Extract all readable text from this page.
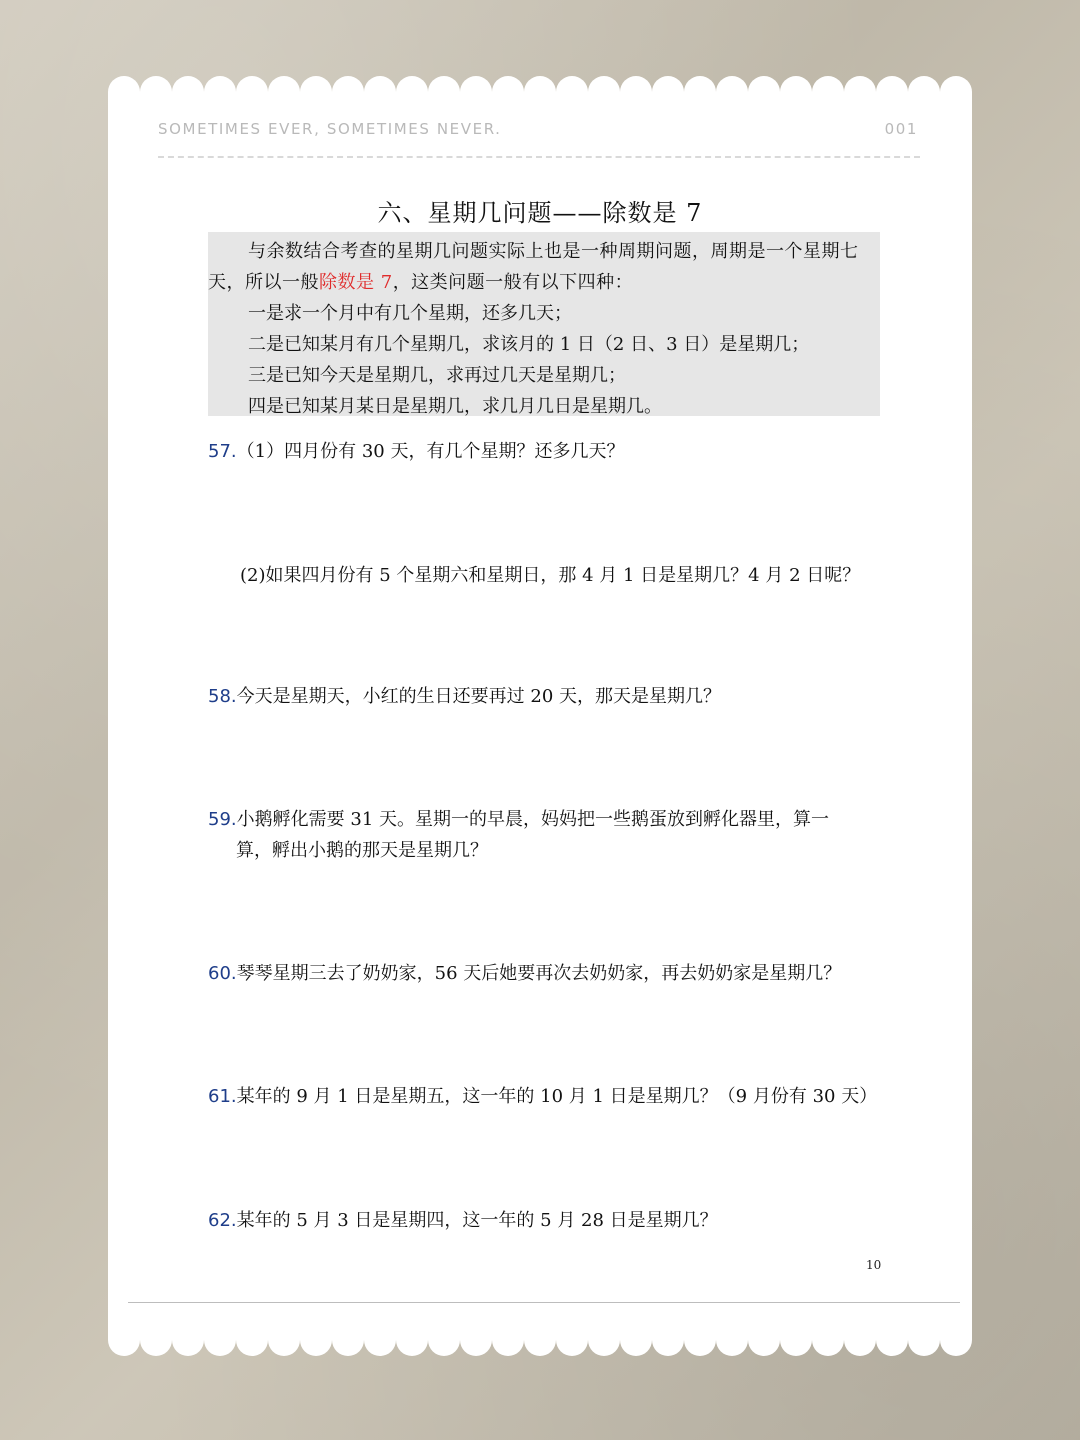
SOMETIMES EVER, SOMETIMES NEVER.	001
六、星期几问题——除数是 7

与余数结合考查的星期几问题实际上也是一种周期问题，周期是一个星期七天，所以一般除数是 7，这类问题一般有以下四种：

一是求一个月中有几个星期，还多几天；

二是已知某月有几个星期几，求该月的 1 日（2 日、3 日）是星期几；

三是已知今天是星期几，求再过几天是星期几；

四是已知某月某日是星期几，求几月几日是星期几。

57.（1）四月份有 30 天，有几个星期？还多几天？
(2)如果四月份有 5 个星期六和星期日，那 4 月 1 日是星期几？4 月 2 日呢？
58.今天是星期天，小红的生日还要再过 20 天，那天是星期几？
59.小鹅孵化需要 31 天。星期一的早晨，妈妈把一些鹅蛋放到孵化器里，算一
算，孵出小鹅的那天是星期几？
60.琴琴星期三去了奶奶家，56 天后她要再次去奶奶家，再去奶奶家是星期几？
61.某年的 9 月 1 日是星期五，这一年的 10 月 1 日是星期几？（9 月份有 30 天）
62.某年的 5 月 3 日是星期四，这一年的 5 月 28 日是星期几？
10
